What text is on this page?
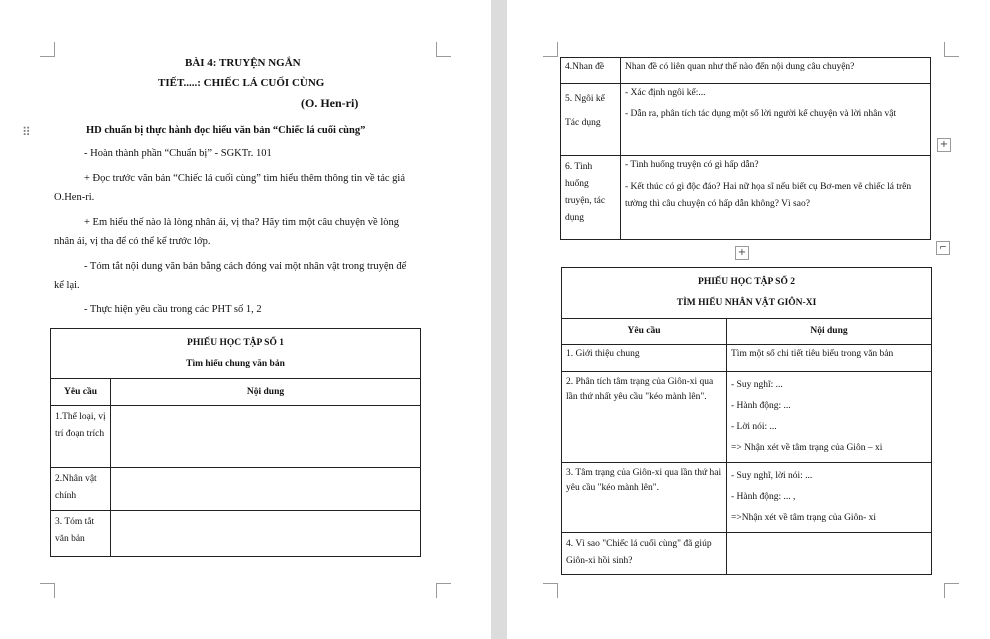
⠿
BÀI 4: TRUYỆN NGẮN
TIẾT.....: CHIẾC LÁ CUỐI CÙNG
(O. Hen-ri)
HD chuẩn bị thực hành đọc hiểu văn bản “Chiếc lá cuối cùng”
- Hoàn thành phần “Chuẩn bị” - SGKTr. 101
+ Đọc trước văn bản “Chiếc lá cuối cùng” tìm hiểu thêm thông tin về tác giả
O.Hen-ri.
+ Em hiểu thế nào là lòng nhân ái, vị tha? Hãy tìm một câu chuyện về lòng
nhân ái, vị tha để có thể kể trước lớp.
- Tóm tắt nội dung văn bản bằng cách đóng vai một nhân vật trong truyện để
kể lại.
- Thực hiện yêu cầu trong các PHT số 1, 2
PHIẾU HỌC TẬP SỐ 1
Tìm hiểu chung văn bản	

Yêu cầu	Nội dung
1.Thể loại, vị trí đoạn trích	
2.Nhân vật chính	
3. Tóm tắt văn bản	
4.Nhan đề	Nhan đề có liên quan như thế nào đến nội dung câu chuyện?

5. Ngôi kể Tác dụng	- Xác định ngôi kể:...
- Dẫn ra, phân tích tác dụng một số lời người kể chuyện và lời nhân vật

6. Tình huống truyện, tác dụng	- Tình huống truyện có gì hấp dẫn?
- Kết thúc có gì độc đáo? Hai nữ họa sĩ nếu biết cụ Bơ-men vẽ chiếc lá trên tường thì câu chuyện có hấp dẫn không? Vì sao?
+
+	⌐
PHIẾU HỌC TẬP SỐ 2
TÌM HIỂU NHÂN VẬT GIÔN-XI	

Yêu cầu	Nội dung
1. Giới thiệu chung	Tìm một số chi tiết tiêu biểu trong văn bản

2. Phân tích tâm trạng của Giôn-xi qua lần thứ nhất yêu cầu "kéo mành lên".	- Suy nghĩ: ...
- Hành động: ...
- Lời nói: ...
=> Nhận xét về tâm trạng của Giôn – xi

3. Tâm trạng của Giôn-xi qua lần thứ hai yêu cầu "kéo mành lên".	- Suy nghĩ, lời nói: ...
- Hành động: ... ,
=>Nhận xét về tâm trạng của Giôn- xi

4. Vì sao "Chiếc lá cuối cùng" đã giúp Giôn-xi hồi sinh?	
